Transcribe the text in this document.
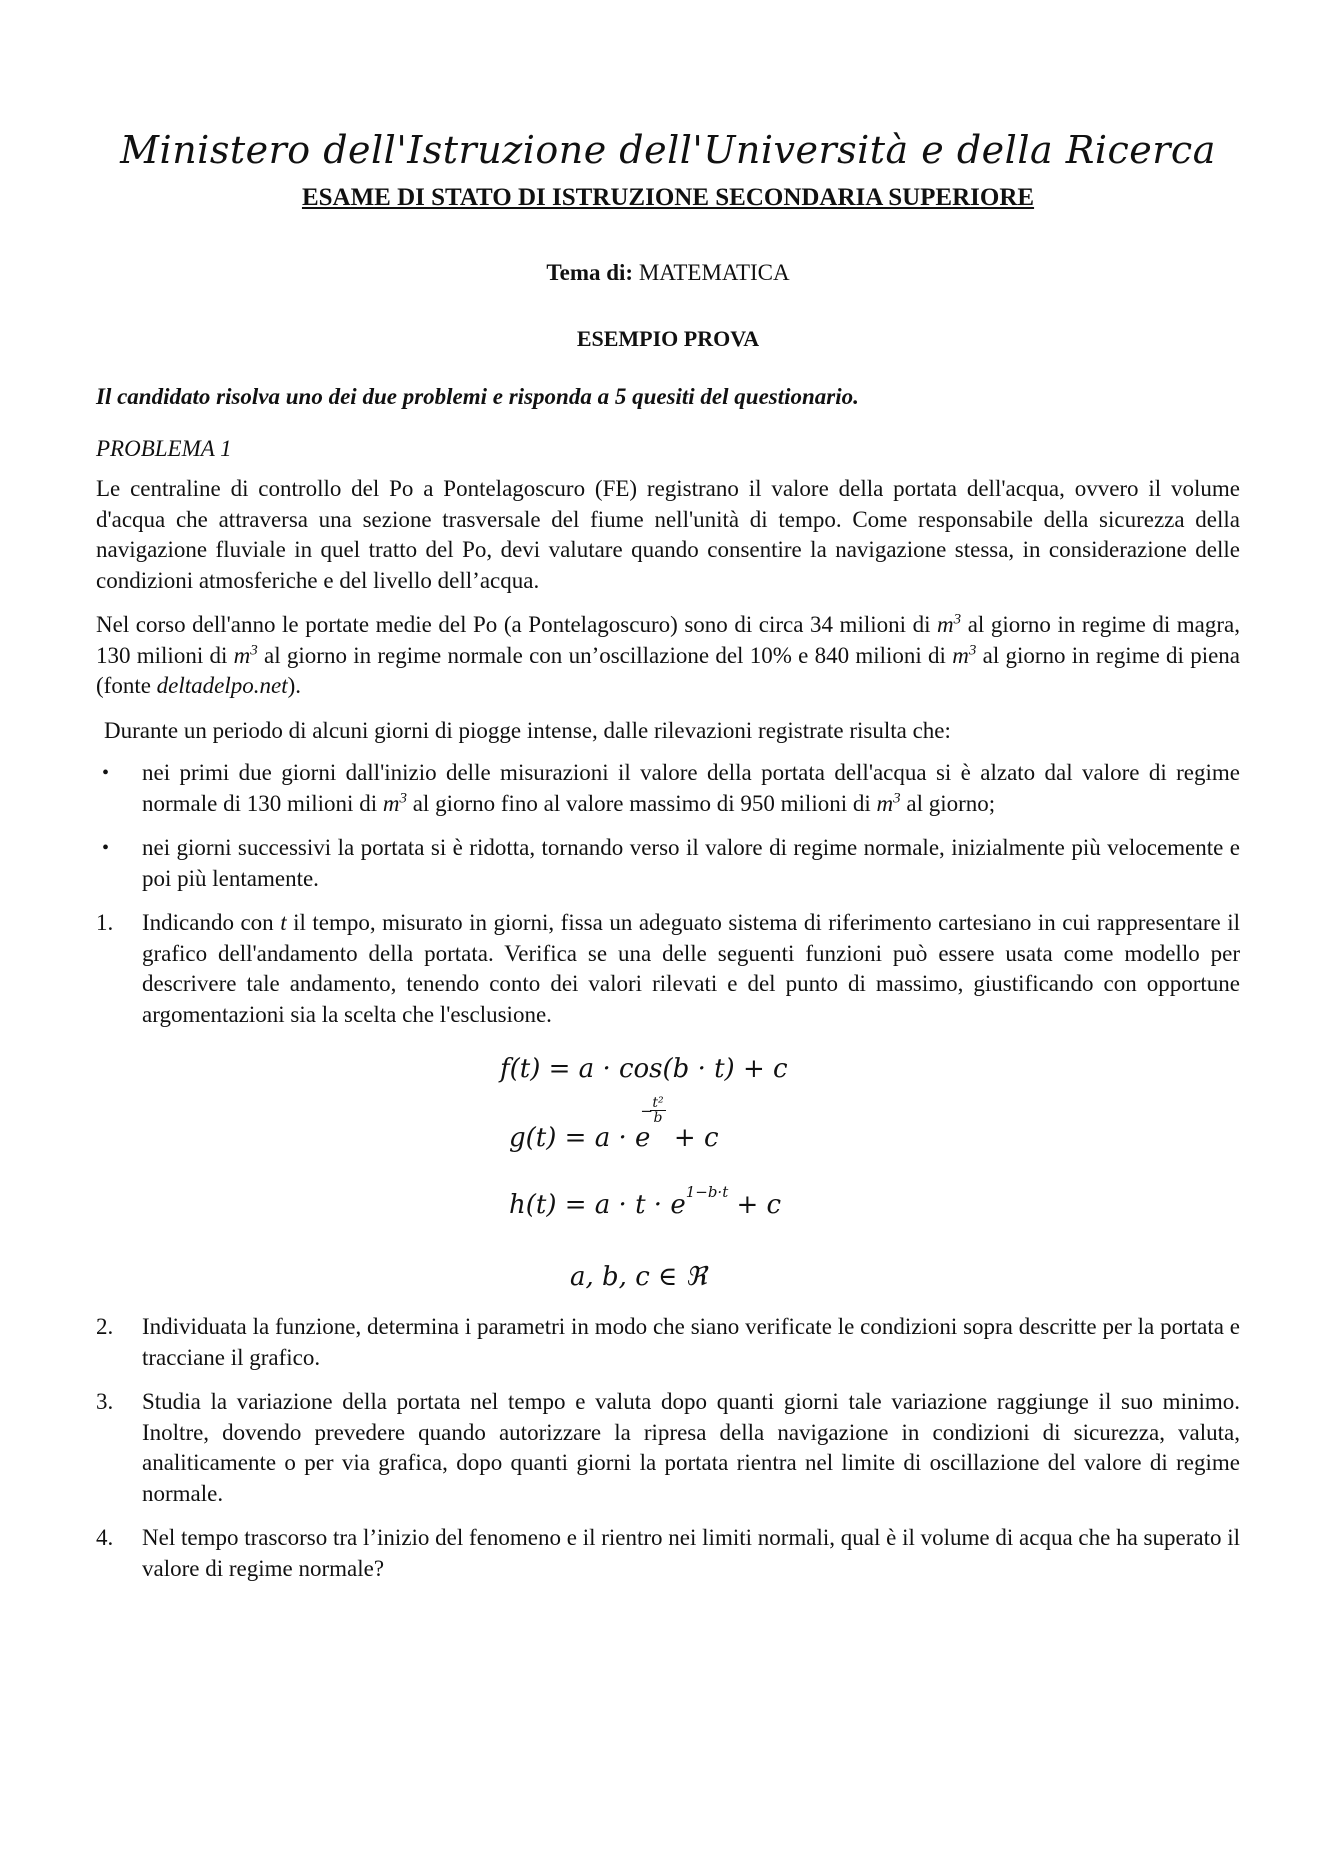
Ministero dell'Istruzione dell'Università e della Ricerca
ESAME DI STATO DI ISTRUZIONE SECONDARIA SUPERIORE
Tema di: MATEMATICA
ESEMPIO PROVA
Il candidato risolva uno dei due problemi e risponda a 5 quesiti del questionario.
PROBLEMA 1

Le centraline di controllo del Po a Pontelagoscuro (FE) registrano il valore della portata dell'acqua, ovvero il volume d'acqua che attraversa una sezione trasversale del fiume nell'unità di tempo. Come responsabile della sicurezza della navigazione fluviale in quel tratto del Po, devi valutare quando consentire la navigazione stessa, in considerazione delle condizioni atmosferiche e del livello dell’acqua.

Nel corso dell'anno le portate medie del Po (a Pontelagoscuro) sono di circa 34 milioni di $m^3$ al giorno in regime di magra, 130 milioni di $m^3$ al giorno in regime normale con un’oscillazione del 10% e 840 milioni di $m^3$ al giorno in regime di piena (fonte deltadelpo.net).

Durante un periodo di alcuni giorni di piogge intense, dalle rilevazioni registrate risulta che:

•	nei primi due giorni dall'inizio delle misurazioni il valore della portata dell'acqua si è alzato dal valore di regime normale di 130 milioni di $m^3$ al giorno fino al valore massimo di 950 milioni di $m^3$ al giorno;
•	nei giorni successivi la portata si è ridotta, tornando verso il valore di regime normale, inizialmente più velocemente e poi più lentamente.
1.	Indicando con t il tempo, misurato in giorni, fissa un adeguato sistema di riferimento cartesiano in cui rappresentare il grafico dell'andamento della portata. Verifica se una delle seguenti funzioni può essere usata come modello per descrivere tale andamento, tenendo conto dei valori rilevati e del punto di massimo, giustificando con opportune argomentazioni sia la scelta che l'esclusione.
f(t) = a · cos(b · t) + c
g(t) = a · e
− t²
b
+ c
$h(t) = a \cdot t \cdot e^{1-b\cdot t} + c$
a, b, c ∈ ℜ
2.	Individuata la funzione, determina i parametri in modo che siano verificate le condizioni sopra descritte per la portata e tracciane il grafico.
3.	Studia la variazione della portata nel tempo e valuta dopo quanti giorni tale variazione raggiunge il suo minimo. Inoltre, dovendo prevedere quando autorizzare la ripresa della navigazione in condizioni di sicurezza, valuta, analiticamente o per via grafica, dopo quanti giorni la portata rientra nel limite di oscillazione del valore di regime normale.
4.	Nel tempo trascorso tra l’inizio del fenomeno e il rientro nei limiti normali, qual è il volume di acqua che ha superato il valore di regime normale?
